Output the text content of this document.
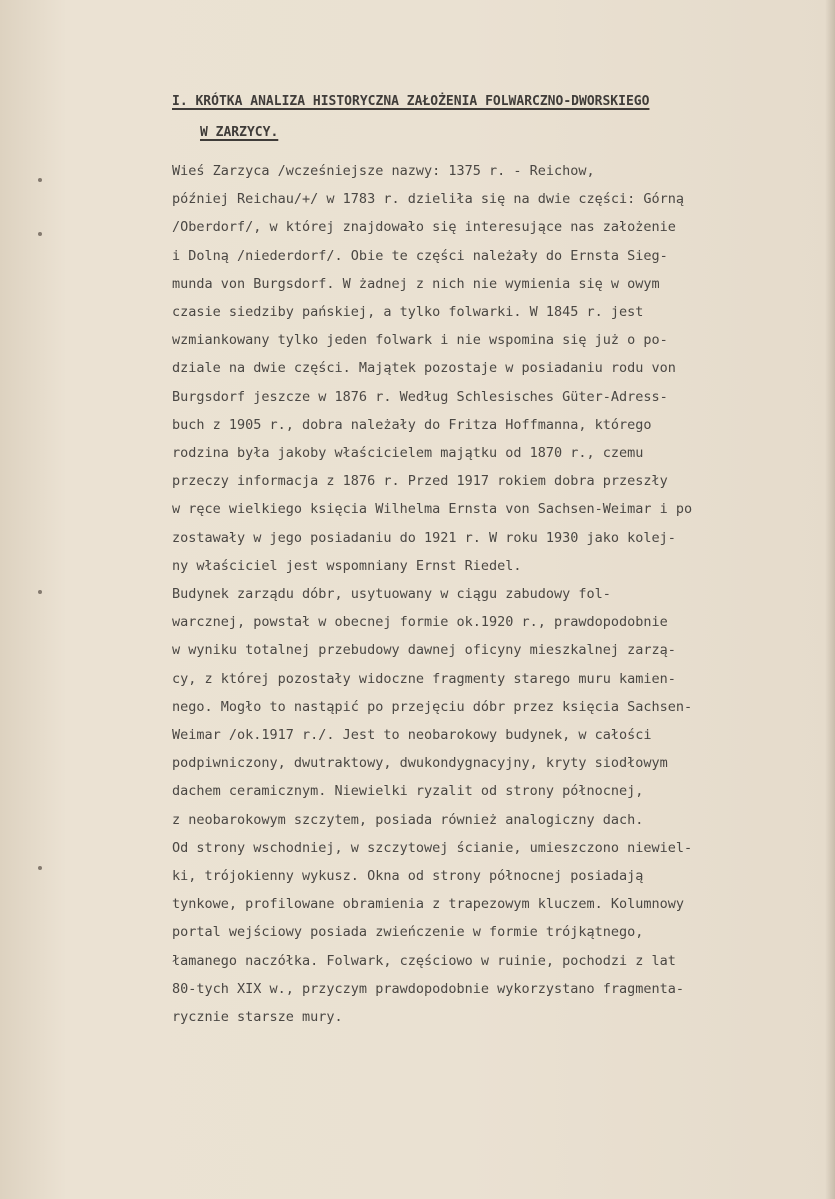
I. KRÓTKA ANALIZA HISTORYCZNA ZAŁOŻENIA FOLWARCZNO-DWORSKIEGO
W ZARZYCY.
Wieś Zarzyca /wcześniejsze nazwy: 1375 r. - Reichow,
później Reichau/+/ w 1783 r. dzieliła się na dwie części: Górną
/Oberdorf/, w której znajdowało się interesujące nas założenie
i Dolną /niederdorf/. Obie te części należały do Ernsta Sieg-
munda von Burgsdorf. W żadnej z nich nie wymienia się w owym
czasie siedziby pańskiej, a tylko folwarki. W 1845 r. jest
wzmiankowany tylko jeden folwark i nie wspomina się już o po-
dziale na dwie części. Majątek pozostaje w posiadaniu rodu von
Burgsdorf jeszcze w 1876 r. Według Schlesisches Güter-Adress-
buch z 1905 r., dobra należały do Fritza Hoffmanna, którego
rodzina była jakoby właścicielem majątku od 1870 r., czemu
przeczy informacja z 1876 r. Przed 1917 rokiem dobra przeszły
w ręce wielkiego księcia Wilhelma Ernsta von Sachsen-Weimar i po
zostawały w jego posiadaniu do 1921 r. W roku 1930 jako kolej-
ny właściciel jest wspomniany Ernst Riedel.
Budynek zarządu dóbr, usytuowany w ciągu zabudowy fol-
warcznej, powstał w obecnej formie ok.1920 r., prawdopodobnie
w wyniku totalnej przebudowy dawnej oficyny mieszkalnej zarzą-
cy, z której pozostały widoczne fragmenty starego muru kamien-
nego. Mogło to nastąpić po przejęciu dóbr przez księcia Sachsen-
Weimar /ok.1917 r./. Jest to neobarokowy budynek, w całości
podpiwniczony, dwutraktowy, dwukondygnacyjny, kryty siodłowym
dachem ceramicznym. Niewielki ryzalit od strony północnej,
z neobarokowym szczytem, posiada również analogiczny dach.
Od strony wschodniej, w szczytowej ścianie, umieszczono niewiel-
ki, trójokienny wykusz. Okna od strony północnej posiadają
tynkowe, profilowane obramienia z trapezowym kluczem. Kolumnowy
portal wejściowy posiada zwieńczenie w formie trójkątnego,
łamanego naczółka. Folwark, częściowo w ruinie, pochodzi z lat
80-tych XIX w., przyczym prawdopodobnie wykorzystano fragmenta-
rycznie starsze mury.
